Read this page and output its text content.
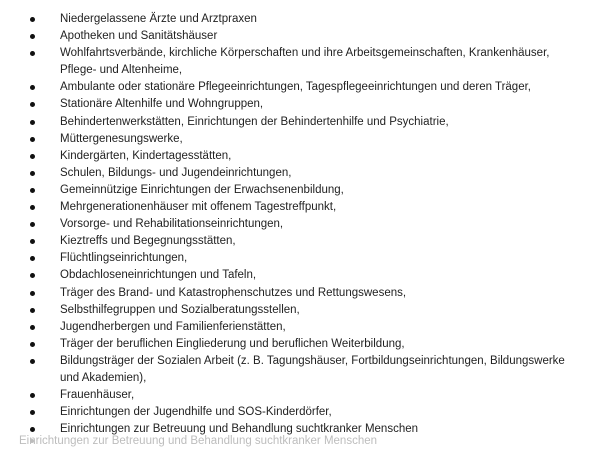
Niedergelassene Ärzte und Arztpraxen
Apotheken und Sanitätshäuser
Wohlfahrtsverbände, kirchliche Körperschaften und ihre Arbeitsgemeinschaften, Krankenhäuser, Pflege- und Altenheime,
Ambulante oder stationäre Pflegeeinrichtungen, Tagespflegeeinrichtungen und deren Träger,
Stationäre Altenhilfe und Wohngruppen,
Behindertenwerkstätten, Einrichtungen der Behindertenhilfe und Psychiatrie,
Müttergenesungswerke,
Kindergärten, Kindertagesstätten,
Schulen, Bildungs- und Jugendeinrichtungen,
Gemeinnützige Einrichtungen der Erwachsenenbildung,
Mehrgenerationenhäuser mit offenem Tagestreffpunkt,
Vorsorge- und Rehabilitationseinrichtungen,
Kieztreffs und Begegnungsstätten,
Flüchtlingseinrichtungen,
Obdachloseneinrichtungen und Tafeln,
Träger des Brand- und Katastrophenschutzes und Rettungswesens,
Selbsthilfegruppen und Sozialberatungsstellen,
Jugendherbergen und Familienferienstätten,
Träger der beruflichen Eingliederung und beruflichen Weiterbildung,
Bildungsträger der Sozialen Arbeit (z. B. Tagungshäuser, Fortbildungseinrichtungen, Bildungswerke und Akademien),
Frauenhäuser,
Einrichtungen der Jugendhilfe und SOS-Kinderdörfer,
Einrichtungen zur Betreuung und Behandlung suchtkranker Menschen
Einrichtungen zur Betreuung und Behandlung suchtkranker Menschen
